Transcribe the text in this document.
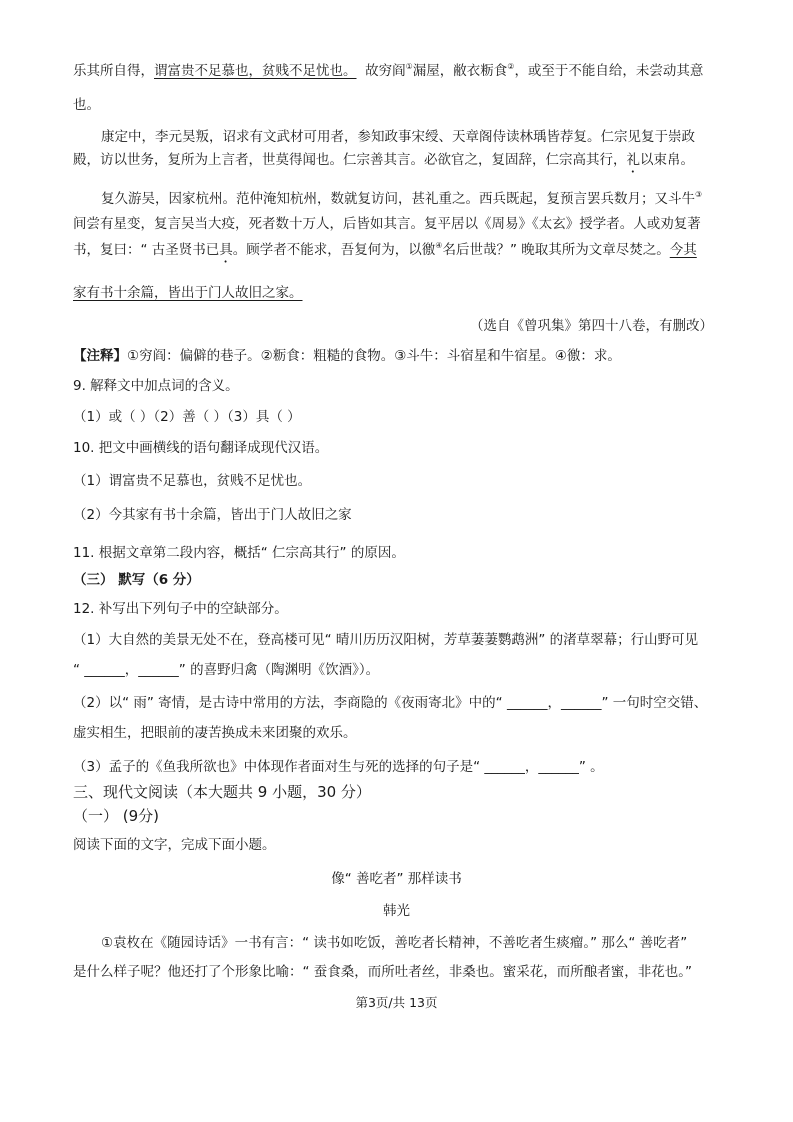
乐其所自得，谓富贵不足慕也，贫贱不足忧也。 故穷阎①漏屋，敝衣粝食②，或至于不能自给，未尝动其意
也。
康定中，李元昊叛，诏求有文武材可用者，参知政事宋绶、天章阁侍读林瑀皆荐复。仁宗见复于崇政
殿，访以世务，复所为上言者，世莫得闻也。仁宗善其言。必欲官之，复固辞，仁宗高其行，礼以束帛。
复久游吴，因家杭州。范仲淹知杭州，数就复访问，甚礼重之。西兵既起，复预言罢兵数月；又斗牛③
间尝有星变，复言吴当大疫，死者数十万人，后皆如其言。复平居以《周易》《太玄》授学者。人或劝复著
书，复曰：“ 古圣贤书已具。顾学者不能求，吾复何为，以徼④名后世哉？” 晚取其所为文章尽焚之。今其
家有书十余篇，皆出于门人故旧之家。
（选自《曾巩集》第四十八卷，有删改）
【注释】①穷阎：偏僻的巷子。②粝食：粗糙的食物。③斗牛：斗宿星和牛宿星。④徼：求。
9. 解释文中加点词的含义。
（1）或（ ）（2）善（ ）（3）具（ ）
10. 把文中画横线的语句翻译成现代汉语。
（1）谓富贵不足慕也，贫贱不足忧也。
（2）今其家有书十余篇，皆出于门人故旧之家
11. 根据文章第二段内容，概括“ 仁宗高其行” 的原因。
（三） 默写（6 分）
12. 补写出下列句子中的空缺部分。
（1）大自然的美景无处不在，登高楼可见“ 晴川历历汉阳树，芳草萋萋鹦鹉洲” 的渚草翠幕；行山野可见
“ ______，______” 的喜野归禽（陶渊明《饮酒》）。
（2）以“ 雨” 寄情，是古诗中常用的方法，李商隐的《夜雨寄北》中的“ ______，______” 一句时空交错、
虚实相生，把眼前的凄苦换成未来团聚的欢乐。
（3）孟子的《鱼我所欲也》中体现作者面对生与死的选择的句子是“ ______，______” 。
三、现代文阅读（本大题共 9 小题，30 分）
（一） (9分)
阅读下面的文字，完成下面小题。
像“ 善吃者” 那样读书
韩光
①袁枚在《随园诗话》一书有言：“ 读书如吃饭，善吃者长精神，不善吃者生痰瘤。” 那么“ 善吃者”
是什么样子呢？他还打了个形象比喻：“ 蚕食桑，而所吐者丝，非桑也。蜜采花，而所酿者蜜，非花也。”
第3页/共 13页
